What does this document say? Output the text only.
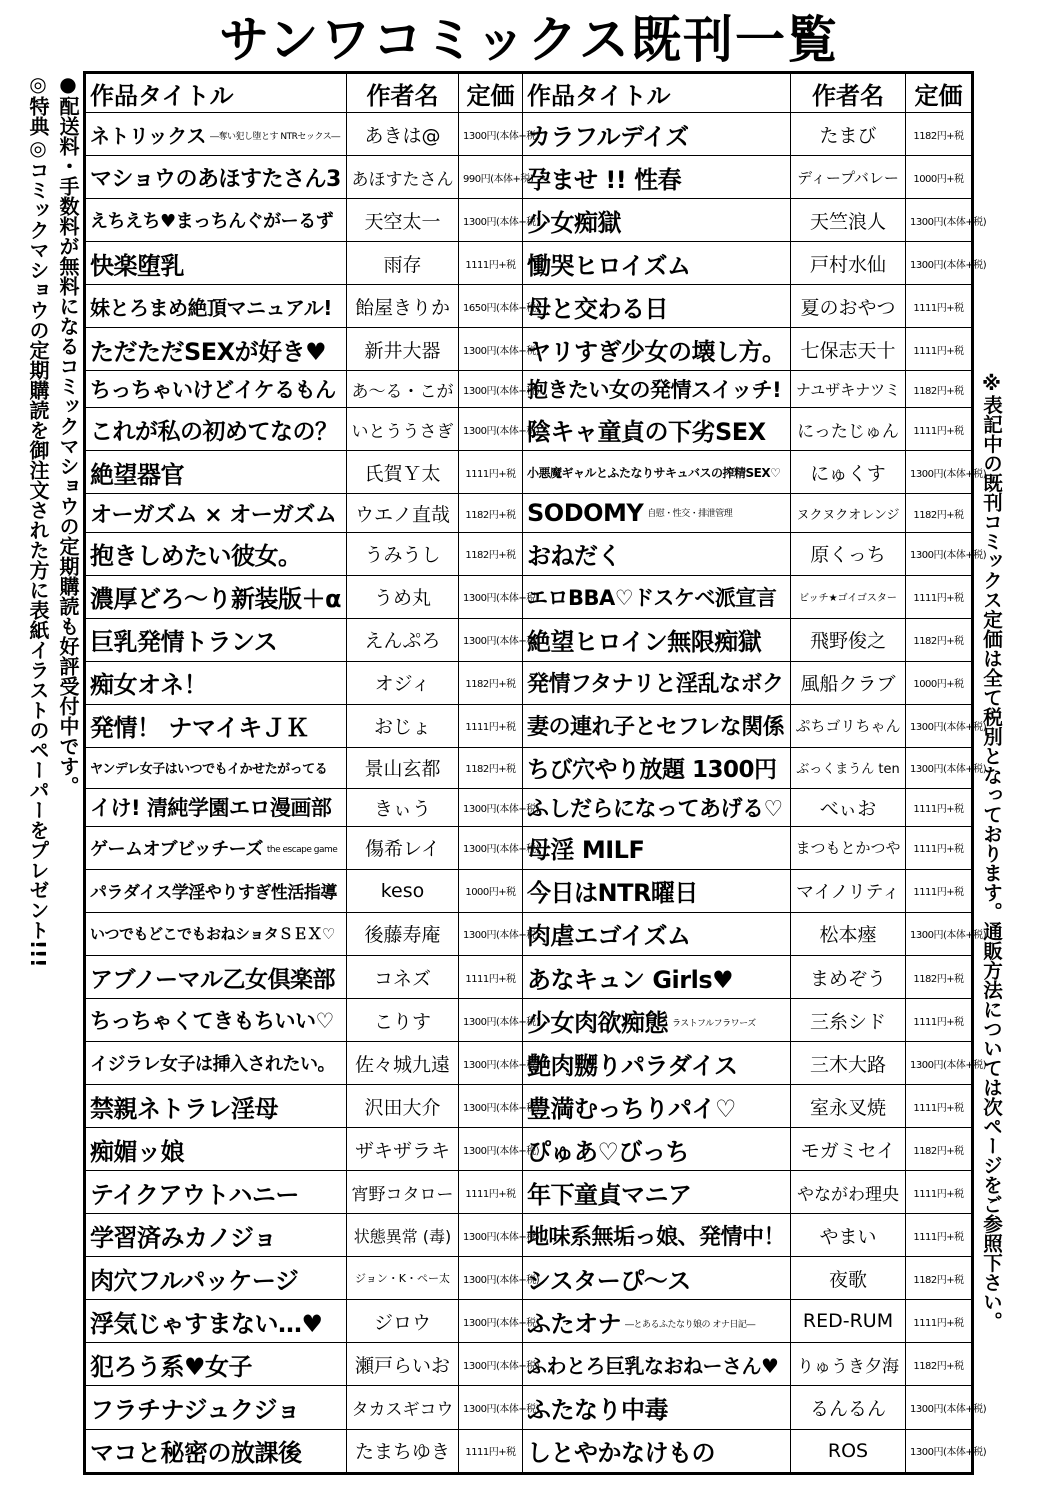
サンワコミックス既刊一覧
●配送料・手数料が無料になるコミックマショウの定期購読も好評受付中です。
◎特典◎コミックマショウの定期購読を御注文された方に表紙イラストのペーパーをプレゼント!!! 作品タイトル	作者名	定価	作品タイトル	作者名	定価
ネトリックス ―奪い犯し堕とす NTRセックス―	あきは@	1300円(本体+税)	カラフルデイズ	たまび	1182円+税
マショウのあほすたさん3	あほすたさん	990円(本体+税)	孕ませ !! 性春	ディープバレー	1000円+税
えちえち♥まっちんぐがーるず	天空太一	1300円(本体+税)	少女痴獄	天竺浪人	1300円(本体+税)
快楽堕乳	雨存	1111円+税	慟哭ヒロイズム	戸村水仙	1300円(本体+税)
妹とろまめ絶頂マニュアル!	飴屋きりか	1650円(本体+税)	母と交わる日	夏のおやつ	1111円+税
ただただSEXが好き♥	新井大器	1300円(本体+税)	ヤリすぎ少女の壊し方。	七保志天十	1111円+税
ちっちゃいけどイケるもん	あ～る・こが	1300円(本体+税)	抱きたい女の発情スイッチ!	ナユザキナツミ	1182円+税
これが私の初めてなの？	いとううさぎ	1300円(本体+税)	陰キャ童貞の下劣SEX	にったじゅん	1111円+税
絶望器官	氏賀Ｙ太	1111円+税	小悪魔ギャルとふたなりサキュバスの搾精SEX♡	にゅくす	1300円(本体+税)
オーガズム × オーガズム	ウエノ直哉	1182円+税	SODOMY 自慰・性交・排泄管理	ヌクヌクオレンジ	1182円+税
抱きしめたい彼女。	うみうし	1182円+税	おねだく	原くっち	1300円(本体+税)
濃厚どろ～り新装版＋α	うめ丸	1300円(本体+税)	エロBBA♡ドスケベ派宣言	ビッチ★ゴイゴスター	1111円+税
巨乳発情トランス	えんぷろ	1300円(本体+税)	絶望ヒロイン無限痴獄	飛野俊之	1182円+税
痴女オネ！	オジィ	1182円+税	発情フタナリと淫乱なボク	風船クラブ	1000円+税
発情！ ナマイキＪＫ	おじょ	1111円+税	妻の連れ子とセフレな関係	ぷちゴリちゃん	1300円(本体+税)
ヤンデレ女子はいつでもイかせたがってる	景山玄都	1182円+税	ちび穴やり放題 1300円	ぶっくまうん ten	1300円(本体+税)
イけ! 清純学園エロ漫画部	きぃう	1300円(本体+税)	ふしだらになってあげる♡	べぃお	1111円+税
ゲームオブビッチーズ the escape game	傷希レイ	1300円(本体+税)	母淫 MILF	まつもとかつや	1111円+税
パラダイス学淫やりすぎ性活指導	keso	1000円+税	今日はNTR曜日	マイノリティ	1111円+税
いつでもどこでもおねショタＳＥＸ♡	後藤寿庵	1300円(本体+税)	肉虐エゴイズム	松本瘞	1300円(本体+税)
アブノーマル乙女倶楽部	コネズ	1111円+税	あなキュン Girls♥	まめぞう	1182円+税
ちっちゃくてきもちいい♡	こりす	1300円(本体+税)	少女肉欲痴態 ラストフルフラワーズ	三糸シド	1111円+税
イジラレ女子は挿入されたい。	佐々城九遠	1300円(本体+税)	艶肉嬲りパラダイス	三木大路	1300円(本体+税)
禁親ネトラレ淫母	沢田大介	1300円(本体+税)	豊満むっちりパイ♡	室永叉焼	1111円+税
痴媚ッ娘	ザキザラキ	1300円(本体+税)	ぴゅあ♡びっち	モガミセイ	1182円+税
テイクアウトハニー	宵野コタロー	1111円+税	年下童貞マニア	やながわ理央	1111円+税
学習済みカノジョ	状態異常 (毒)	1300円(本体+税)	地味系無垢っ娘、発情中！	やまい	1111円+税
肉穴フルパッケージ	ジョン・K・ペー太	1300円(本体+税)	シスターぴ～ス	夜歌	1182円+税
浮気じゃすまない…♥	ジロウ	1300円(本体+税)	ふたオナ ―とあるふたなり娘の オナ日記―	RED-RUM	1111円+税
犯ろう系♥女子	瀬戸らいお	1300円(本体+税)	ふわとろ巨乳なおねーさん♥	りゅうき夕海	1182円+税
フラチナジュクジョ	タカスギコウ	1300円(本体+税)	ふたなり中毒	るんるん	1300円(本体+税)
マコと秘密の放課後	たまちゆき	1111円+税	しとやかなけもの	ROS	1300円(本体+税)
※表記中の既刊コミックス定価は全て税別となっております。通販方法については次ページをご参照下さい。
